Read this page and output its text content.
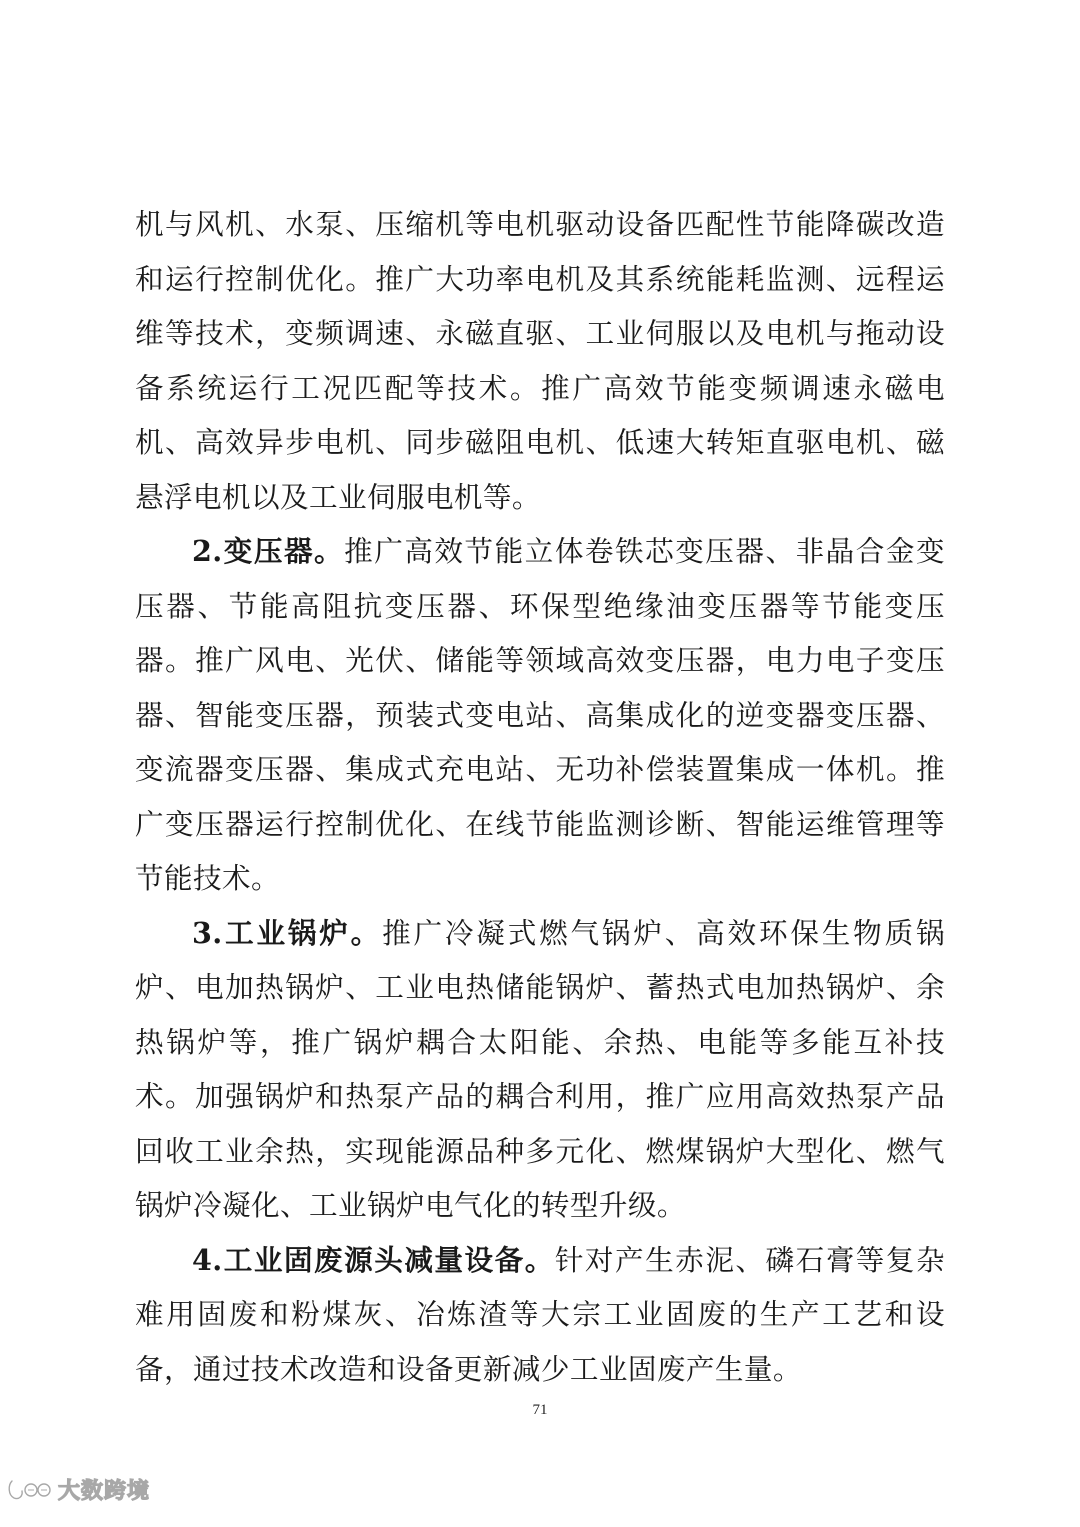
机与风机、水泵、压缩机等电机驱动设备匹配性节能降碳改造和运行控制优化。推广大功率电机及其系统能耗监测、远程运维等技术，变频调速、永磁直驱、工业伺服以及电机与拖动设备系统运行工况匹配等技术。推广高效节能变频调速永磁电机、高效异步电机、同步磁阻电机、低速大转矩直驱电机、磁悬浮电机以及工业伺服电机等。

2.变压器。推广高效节能立体卷铁芯变压器、非晶合金变压器、节能高阻抗变压器、环保型绝缘油变压器等节能变压器。推广风电、光伏、储能等领域高效变压器，电力电子变压器、智能变压器，预装式变电站、高集成化的逆变器变压器、变流器变压器、集成式充电站、无功补偿装置集成一体机。推广变压器运行控制优化、在线节能监测诊断、智能运维管理等节能技术。

3.工业锅炉。推广冷凝式燃气锅炉、高效环保生物质锅炉、电加热锅炉、工业电热储能锅炉、蓄热式电加热锅炉、余热锅炉等，推广锅炉耦合太阳能、余热、电能等多能互补技术。加强锅炉和热泵产品的耦合利用，推广应用高效热泵产品回收工业余热，实现能源品种多元化、燃煤锅炉大型化、燃气锅炉冷凝化、工业锅炉电气化的转型升级。

4.工业固废源头减量设备。针对产生赤泥、磷石膏等复杂难用固废和粉煤灰、冶炼渣等大宗工业固废的生产工艺和设备，通过技术改造和设备更新减少工业固废产生量。

71
大数跨境
